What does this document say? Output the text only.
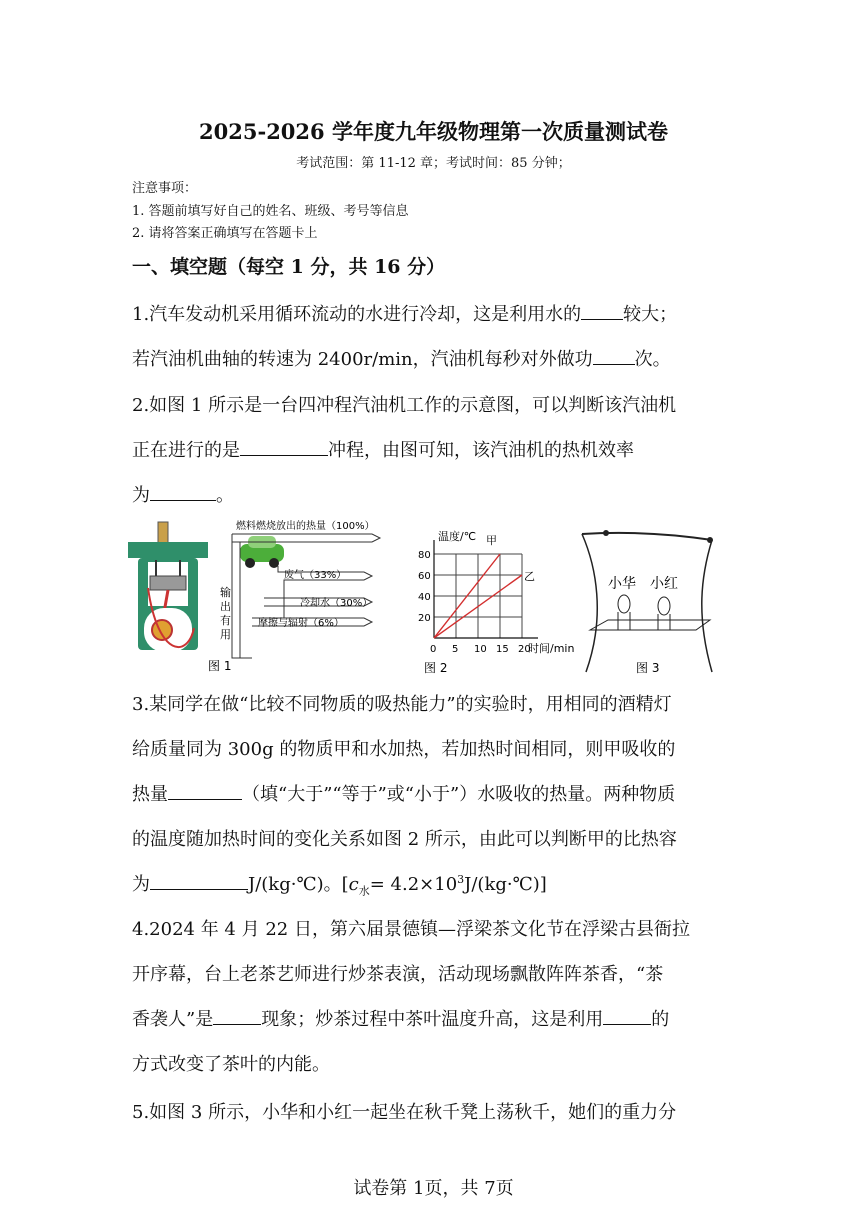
2025-2026 学年度九年级物理第一次质量测试卷
考试范围：第 11-12 章；考试时间：85 分钟；
注意事项：
1. 答题前填写好自己的姓名、班级、考号等信息
2. 请将答案正确填写在答题卡上
一、填空题（每空 1 分，共 16 分）
1.汽车发动机采用循环流动的水进行冷却，这是利用水的 较大；
若汽油机曲轴的转速为 2400r/min，汽油机每秒对外做功 次。
2.如图 1 所示是一台四冲程汽油机工作的示意图，可以判断该汽油机
正在进行的是	冲程，由图可知，该汽油机的热机效率
为	。
图 1
燃料燃烧放出的热量（100%）
废气（33%）
冷却水（30%）
摩擦与辐射（6%）
输
出
有
用
0 5 10 15 20
20
40
60
80
温度/℃
时间/min
甲
乙
图 2
小华 小红
图 3
3.某同学在做“比较不同物质的吸热能力”的实验时，用相同的酒精灯
给质量同为 300g 的物质甲和水加热，若加热时间相同，则甲吸收的
热量	（填“大于”“等于”或“小于”）水吸收的热量。两种物质
的温度随加热时间的变化关系如图 2 所示，由此可以判断甲的比热容
为	J/(kg·℃)。[$c_水=$ $4.2\times 10^3J/(kg\cdot℃)$]
4.2024 年 4 月 22 日，第六届景德镇—浮梁茶文化节在浮梁古县衙拉
开序幕，台上老茶艺师进行炒茶表演，活动现场飘散阵阵茶香，“茶
香袭人”是	现象；炒茶过程中茶叶温度升高，这是利用	的
方式改变了茶叶的内能。
5.如图 3 所示，小华和小红一起坐在秋千凳上荡秋千，她们的重力分
试卷第 1页，共 7页
